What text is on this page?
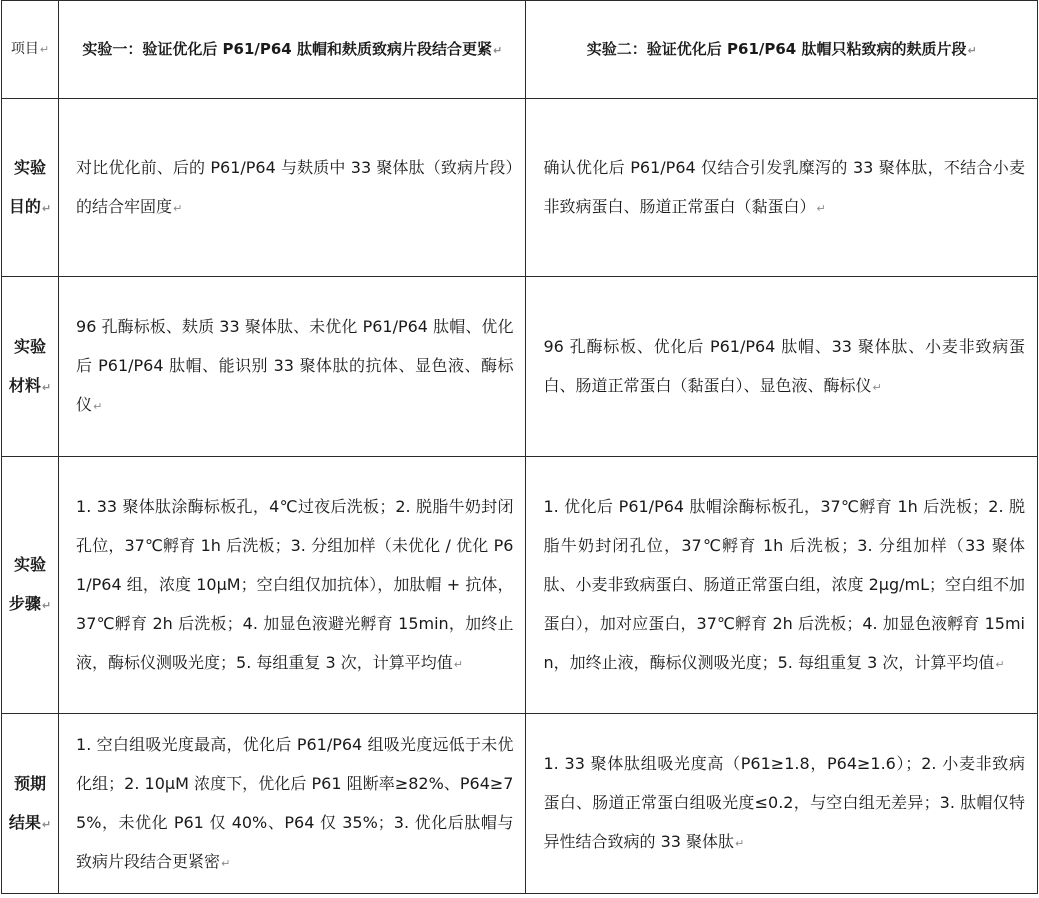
项目↵	实验一：验证优化后 P61/P64 肽帽和麸质致病片段结合更紧↵	实验二：验证优化后 P61/P64 肽帽只粘致病的麸质片段↵

实验目的↵	对比优化前、后的 P61/P64 与麸质中 33 聚体肽（致病片段）的结合牢固度↵	确认优化后 P61/P64 仅结合引发乳糜泻的 33 聚体肽，不结合小麦非致病蛋白、肠道正常蛋白（黏蛋白）↵

实验材料↵	96 孔酶标板、麸质 33 聚体肽、未优化 P61/P64 肽帽、优化后 P61/P64 肽帽、能识别 33 聚体肽的抗体、显色液、酶标仪↵	96 孔酶标板、优化后 P61/P64 肽帽、33 聚体肽、小麦非致病蛋白、肠道正常蛋白（黏蛋白）、显色液、酶标仪↵

实验步骤↵	1. 33 聚体肽涂酶标板孔，4℃过夜后洗板；2. 脱脂牛奶封闭孔位，37℃孵育 1h 后洗板；3. 分组加样（未优化 / 优化 P61/P64 组，浓度 10μM；空白组仅加抗体），加肽帽 + 抗体，37℃孵育 2h 后洗板；4. 加显色液避光孵育 15min，加终止液，酶标仪测吸光度；5. 每组重复 3 次，计算平均值↵	1. 优化后 P61/P64 肽帽涂酶标板孔，37℃孵育 1h 后洗板；2. 脱脂牛奶封闭孔位，37℃孵育 1h 后洗板；3. 分组加样（33 聚体肽、小麦非致病蛋白、肠道正常蛋白组，浓度 2μg/mL；空白组不加蛋白），加对应蛋白，37℃孵育 2h 后洗板；4. 加显色液孵育 15min，加终止液，酶标仪测吸光度；5. 每组重复 3 次，计算平均值↵

预期结果↵	1. 空白组吸光度最高，优化后 P61/P64 组吸光度远低于未优化组；2. 10μM 浓度下，优化后 P61 阻断率≥82%、P64≥75%，未优化 P61 仅 40%、P64 仅 35%；3. 优化后肽帽与致病片段结合更紧密↵	1. 33 聚体肽组吸光度高（P61≥1.8，P64≥1.6）；2. 小麦非致病蛋白、肠道正常蛋白组吸光度≤0.2，与空白组无差异；3. 肽帽仅特异性结合致病的 33 聚体肽↵
